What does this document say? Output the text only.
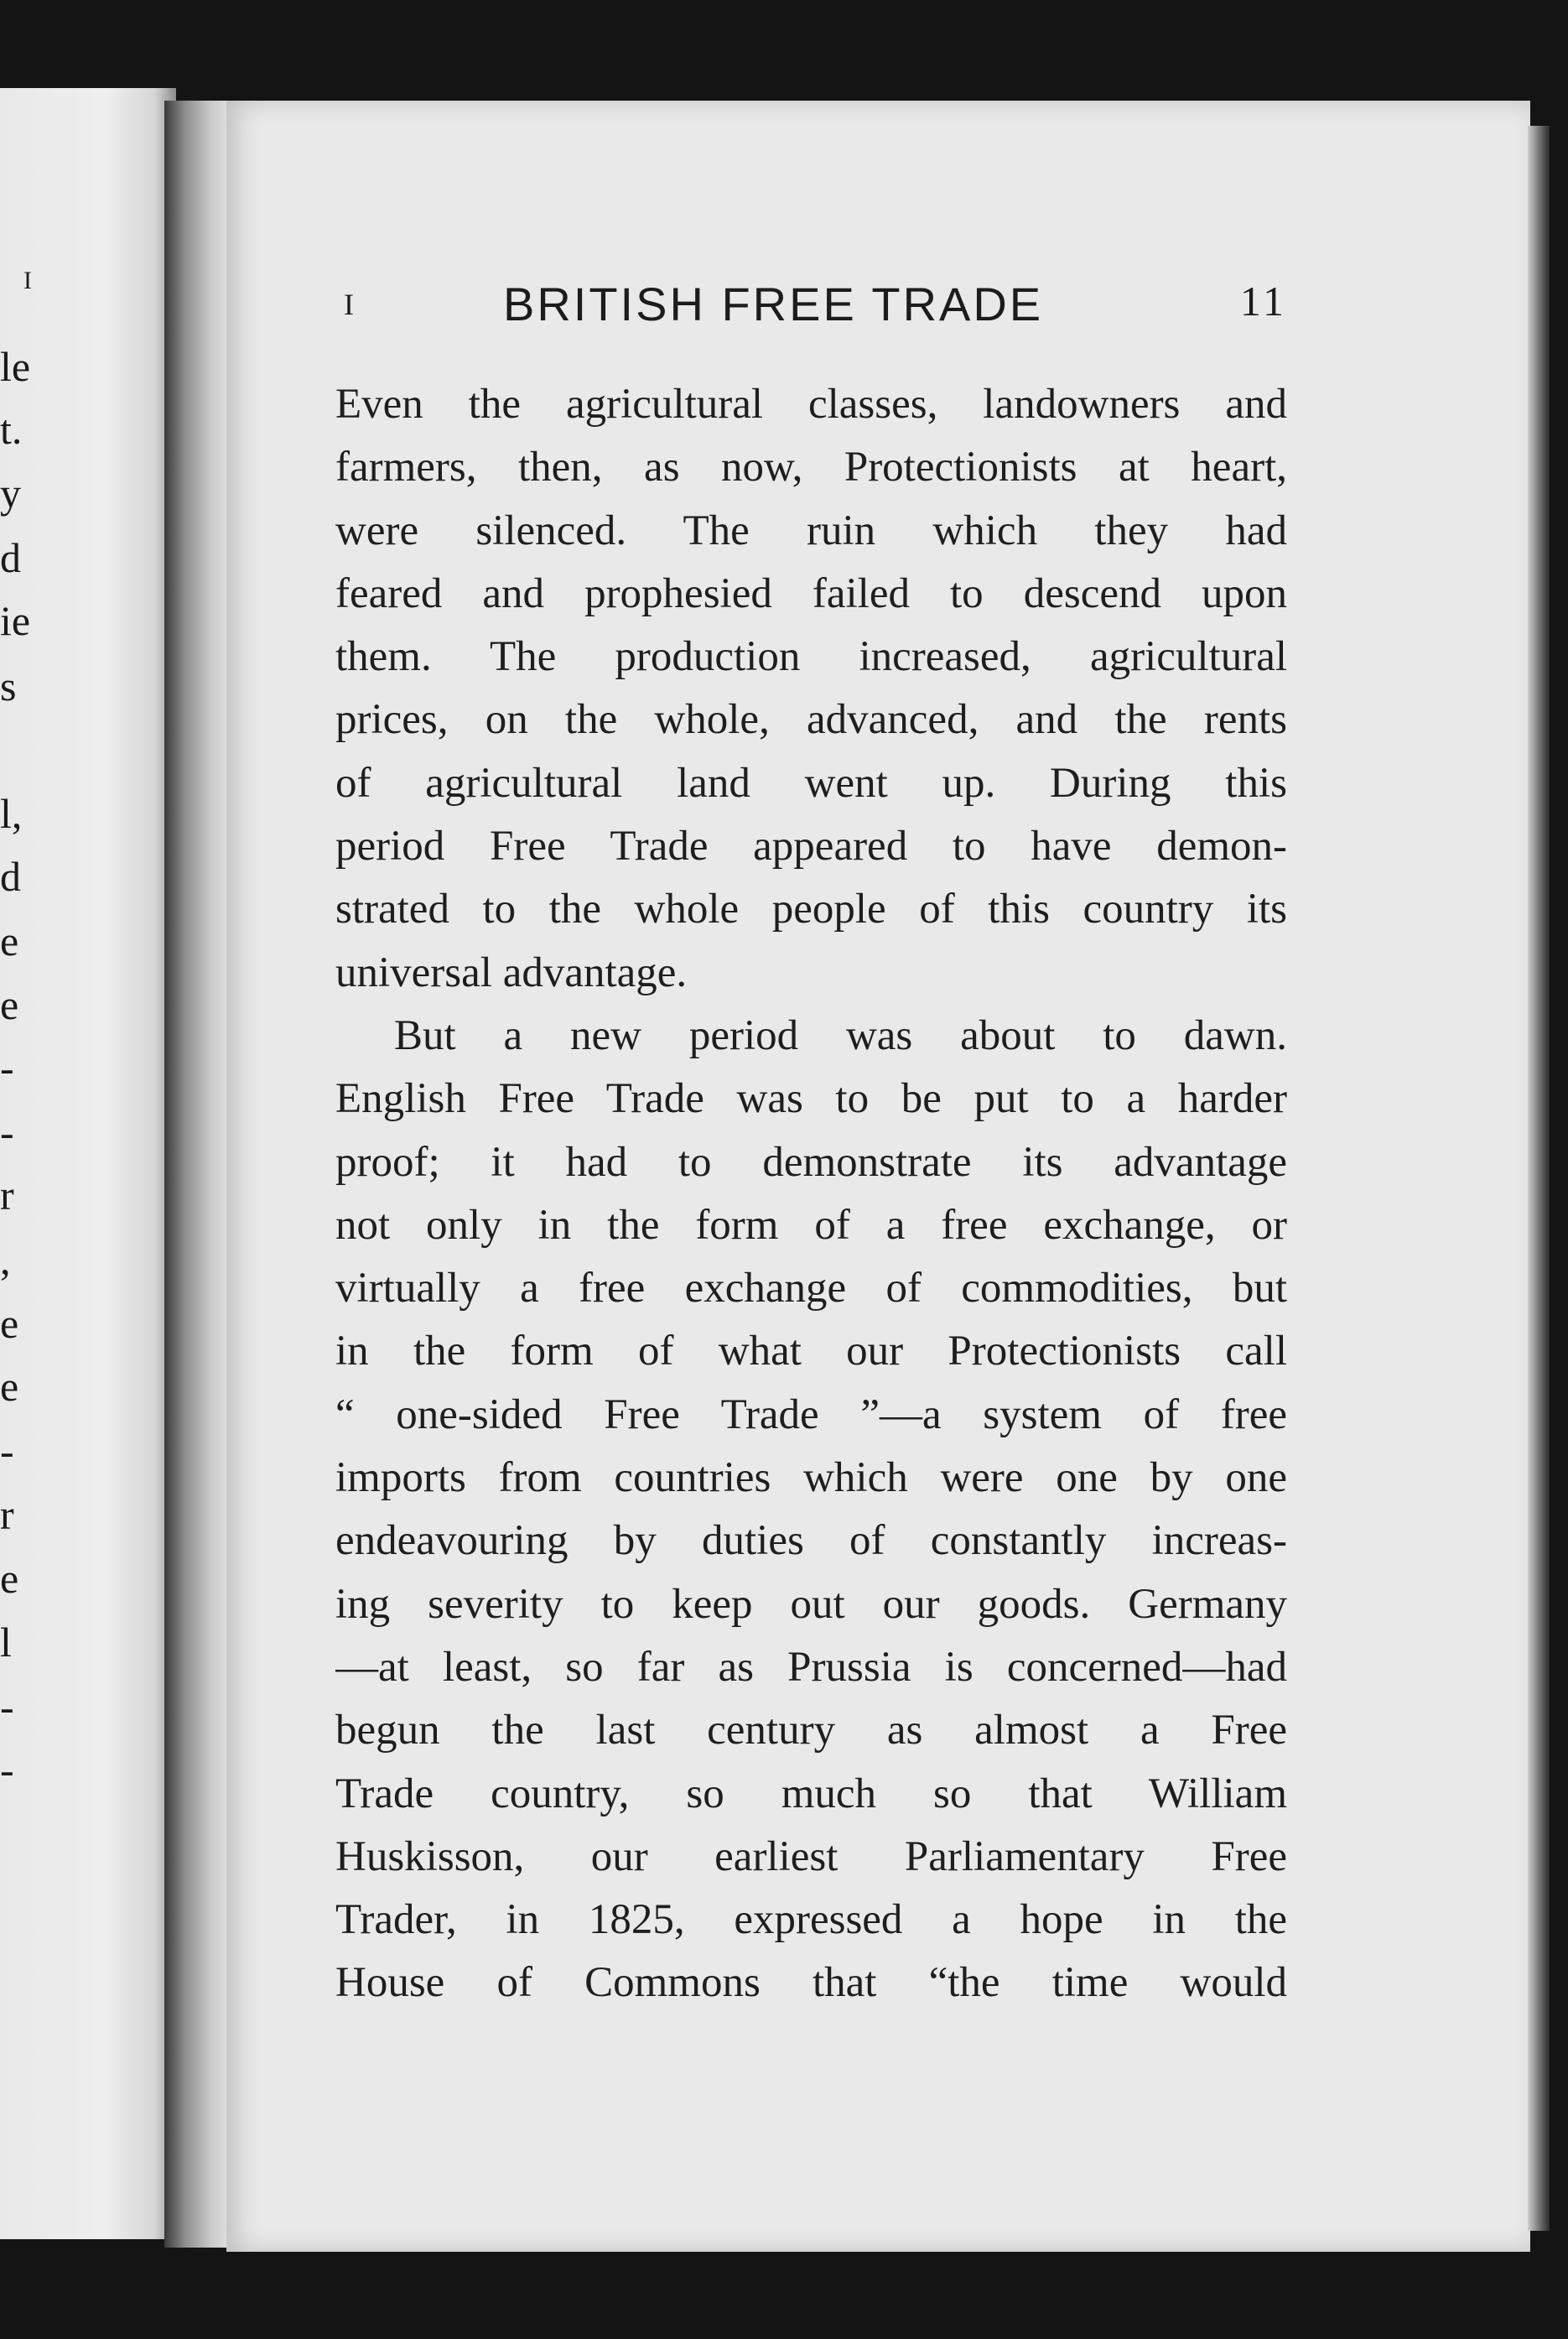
I
le
t.
y
d
ie
s
l,
d
e
e
-
-
r
,
e
e
-
r
e
l
-
-
I	BRITISH FREE TRADE	11
Even the agricultural classes, landowners and
farmers, then, as now, Protectionists at heart,
were silenced. The ruin which they had
feared and prophesied failed to descend upon
them. The production increased, agricultural
prices, on the whole, advanced, and the rents
of agricultural land went up. During this
period Free Trade appeared to have demon-
strated to the whole people of this country its
universal advantage.
But a new period was about to dawn.
English Free Trade was to be put to a harder
proof; it had to demonstrate its advantage
not only in the form of a free exchange, or
virtually a free exchange of commodities, but
in the form of what our Protectionists call
“ one-sided Free Trade ”—a system of free
imports from countries which were one by one
endeavouring by duties of constantly increas-
ing severity to keep out our goods. Germany
—at least, so far as Prussia is concerned—had
begun the last century as almost a Free
Trade country, so much so that William
Huskisson, our earliest Parliamentary Free
Trader, in 1825, expressed a hope in the
House of Commons that “the time would
